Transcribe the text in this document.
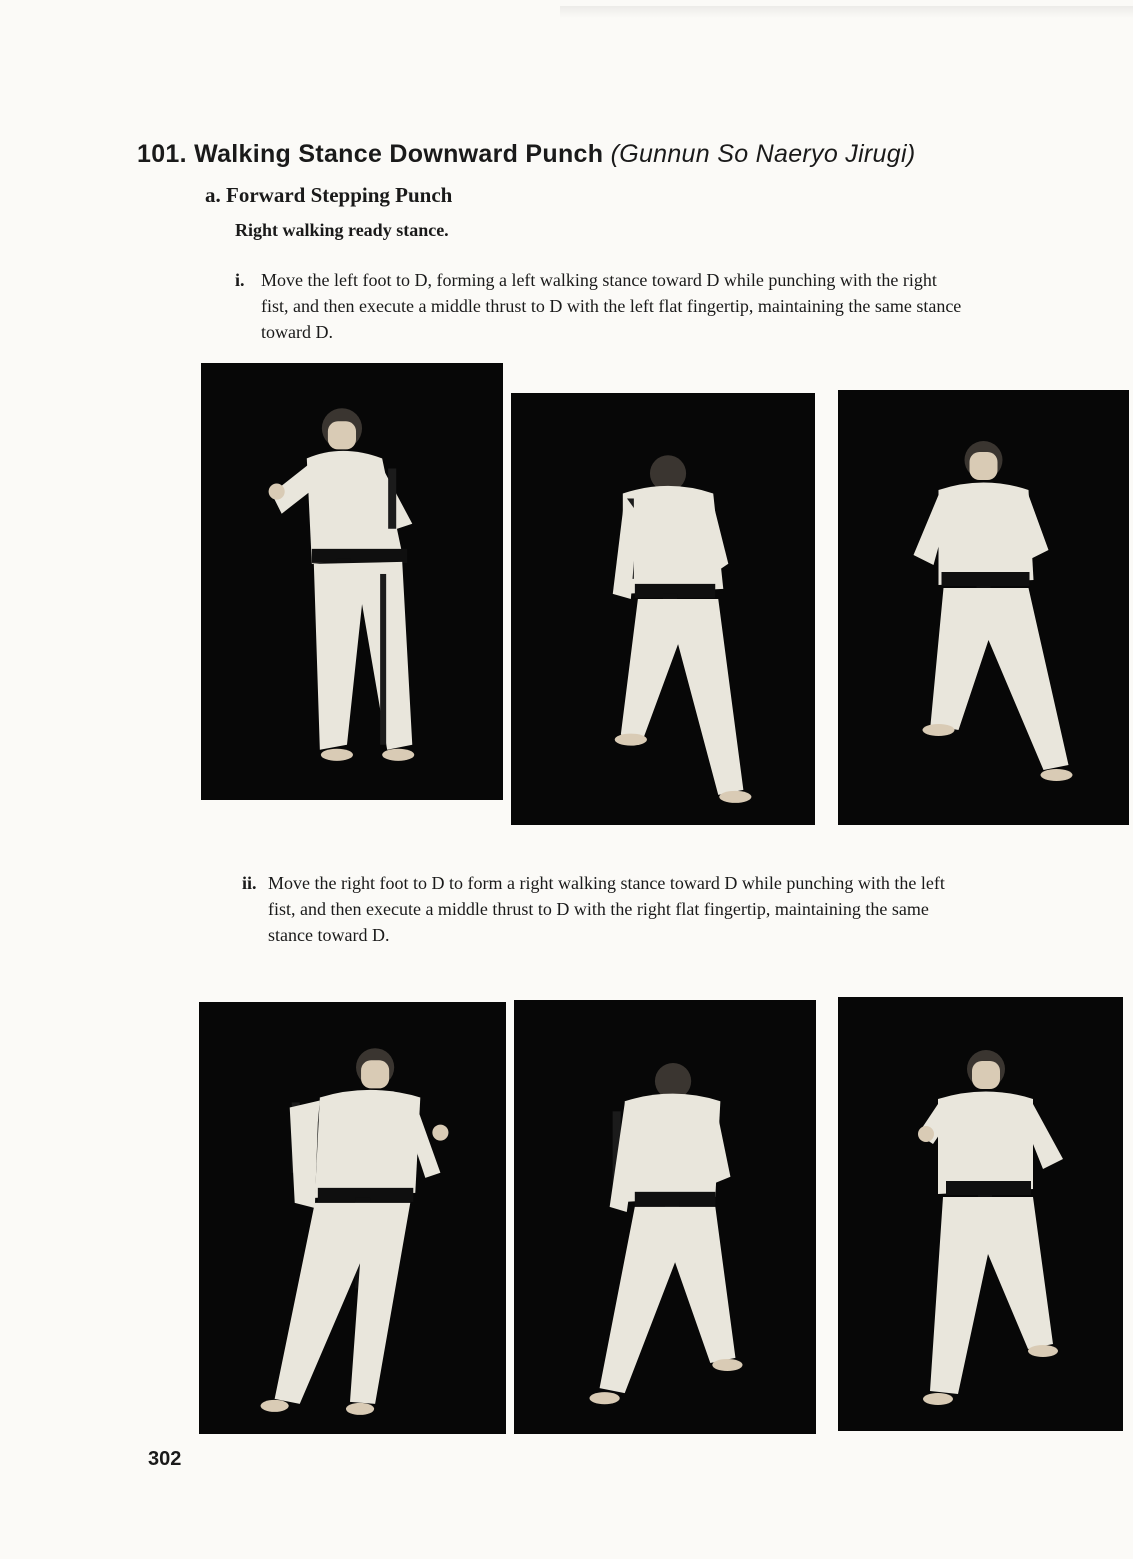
101. Walking Stance Downward Punch (Gunnun So Naeryo Jirugi)
a. Forward Stepping Punch
Right walking ready stance.
i. Move the left foot to D, forming a left walking stance toward D while punching with the right fist, and then execute a middle thrust to D with the left flat fingertip, maintaining the same stance toward D.
ii. Move the right foot to D to form a right walking stance toward D while punching with the left fist, and then execute a middle thrust to D with the right flat fingertip, maintaining the same stance toward D.
302
